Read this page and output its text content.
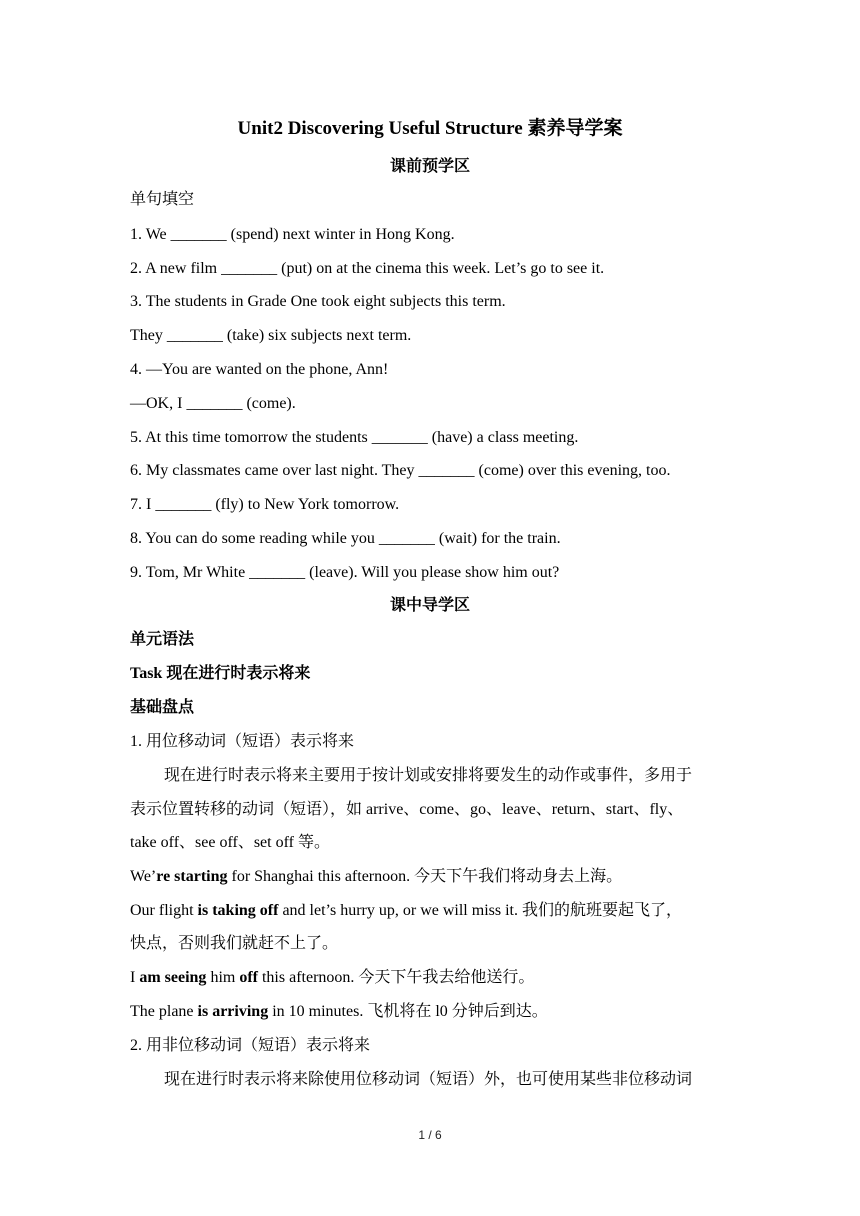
Unit2 Discovering Useful Structure 素养导学案
课前预学区
单句填空
1. We _______ (spend) next winter in Hong Kong.
2. A new film _______ (put) on at the cinema this week. Let’s go to see it.
3. The students in Grade One took eight subjects this term.
They _______ (take) six subjects next term.
4. —You are wanted on the phone, Ann!
—OK, I _______ (come).
5. At this time tomorrow the students _______ (have) a class meeting.
6. My classmates came over last night. They _______ (come) over this evening, too.
7. I _______ (fly) to New York tomorrow.
8. You can do some reading while you _______ (wait) for the train.
9. Tom, Mr White _______ (leave). Will you please show him out?
课中导学区
单元语法
Task 现在进行时表示将来
基础盘点
1. 用位移动词（短语）表示将来
现在进行时表示将来主要用于按计划或安排将要发生的动作或事件，多用于
表示位置转移的动词（短语），如 arrive、come、go、leave、return、start、fly、
take off、see off、set off 等。
We’re starting for Shanghai this afternoon. 今天下午我们将动身去上海。
Our flight is taking off and let’s hurry up, or we will miss it. 我们的航班要起飞了，
快点，否则我们就赶不上了。
I am seeing him off this afternoon. 今天下午我去给他送行。
The plane is arriving in 10 minutes. 飞机将在 l0 分钟后到达。
2. 用非位移动词（短语）表示将来
现在进行时表示将来除使用位移动词（短语）外，也可使用某些非位移动词
1 / 6
